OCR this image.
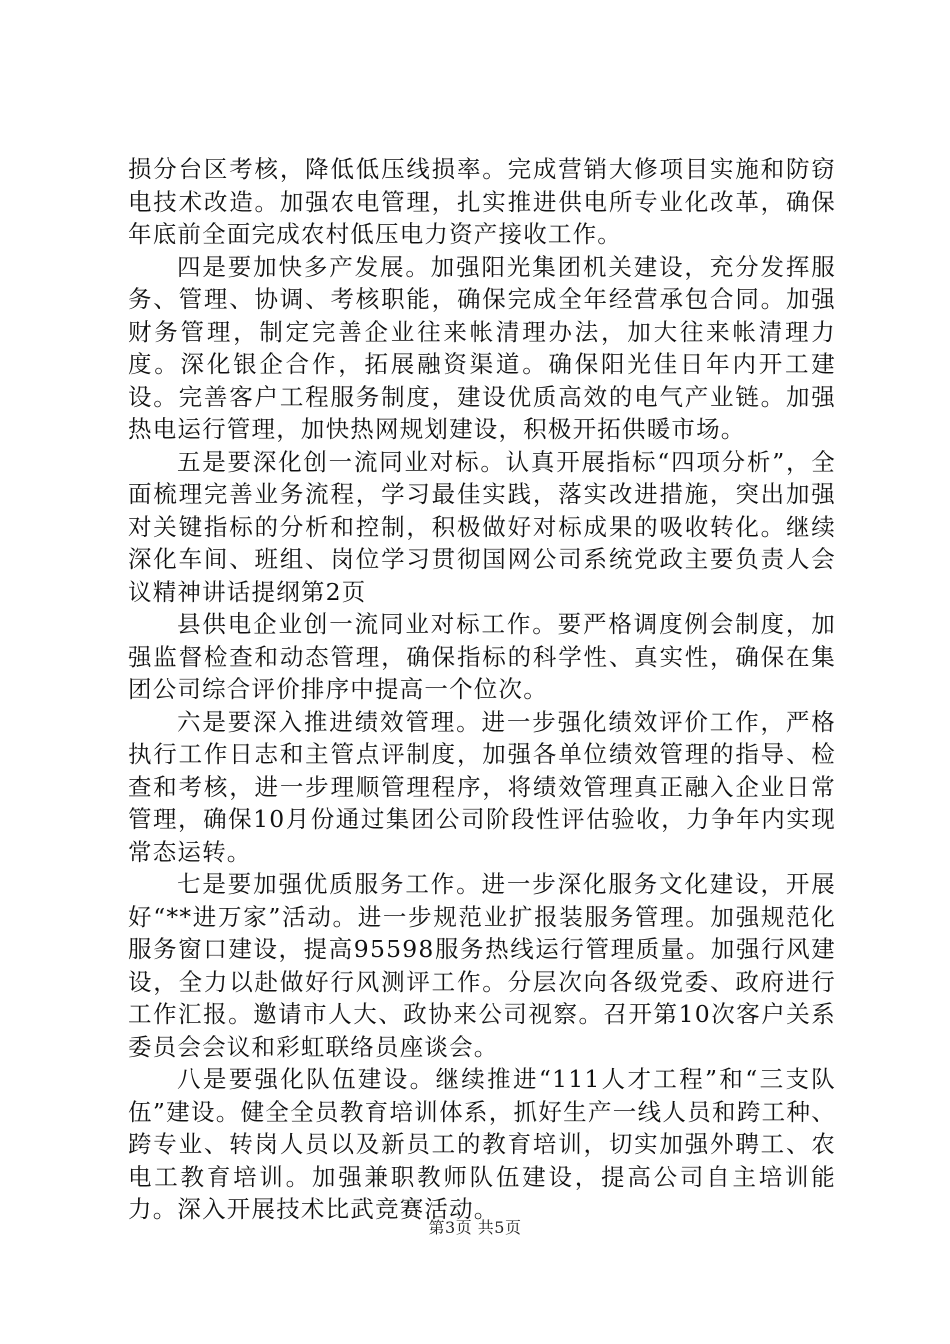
损分台区考核，降低低压线损率。完成营销大修项目实施和防窃电技术改造。加强农电管理，扎实推进供电所专业化改革，确保年底前全面完成农村低压电力资产接收工作。

四是要加快多产发展。加强阳光集团机关建设，充分发挥服务、管理、协调、考核职能，确保完成全年经营承包合同。加强财务管理，制定完善企业往来帐清理办法，加大往来帐清理力度。深化银企合作，拓展融资渠道。确保阳光佳日年内开工建设。完善客户工程服务制度，建设优质高效的电气产业链。加强热电运行管理，加快热网规划建设，积极开拓供暖市场。

五是要深化创一流同业对标。认真开展指标“四项分析”，全面梳理完善业务流程，学习最佳实践，落实改进措施，突出加强对关键指标的分析和控制，积极做好对标成果的吸收转化。继续深化车间、班组、岗位学习贯彻国网公司系统党政主要负责人会议精神讲话提纲第2页

县供电企业创一流同业对标工作。要严格调度例会制度，加强监督检查和动态管理，确保指标的科学性、真实性，确保在集团公司综合评价排序中提高一个位次。

六是要深入推进绩效管理。进一步强化绩效评价工作，严格执行工作日志和主管点评制度，加强各单位绩效管理的指导、检查和考核，进一步理顺管理程序，将绩效管理真正融入企业日常管理，确保10月份通过集团公司阶段性评估验收，力争年内实现常态运转。

七是要加强优质服务工作。进一步深化服务文化建设，开展好“**进万家”活动。进一步规范业扩报装服务管理。加强规范化服务窗口建设，提高95598服务热线运行管理质量。加强行风建设，全力以赴做好行风测评工作。分层次向各级党委、政府进行工作汇报。邀请市人大、政协来公司视察。召开第10次客户关系委员会会议和彩虹联络员座谈会。

八是要强化队伍建设。继续推进“111人才工程”和“三支队伍”建设。健全全员教育培训体系，抓好生产一线人员和跨工种、跨专业、转岗人员以及新员工的教育培训，切实加强外聘工、农电工教育培训。加强兼职教师队伍建设，提高公司自主培训能力。深入开展技术比武竞赛活动。

第3页 共5页
